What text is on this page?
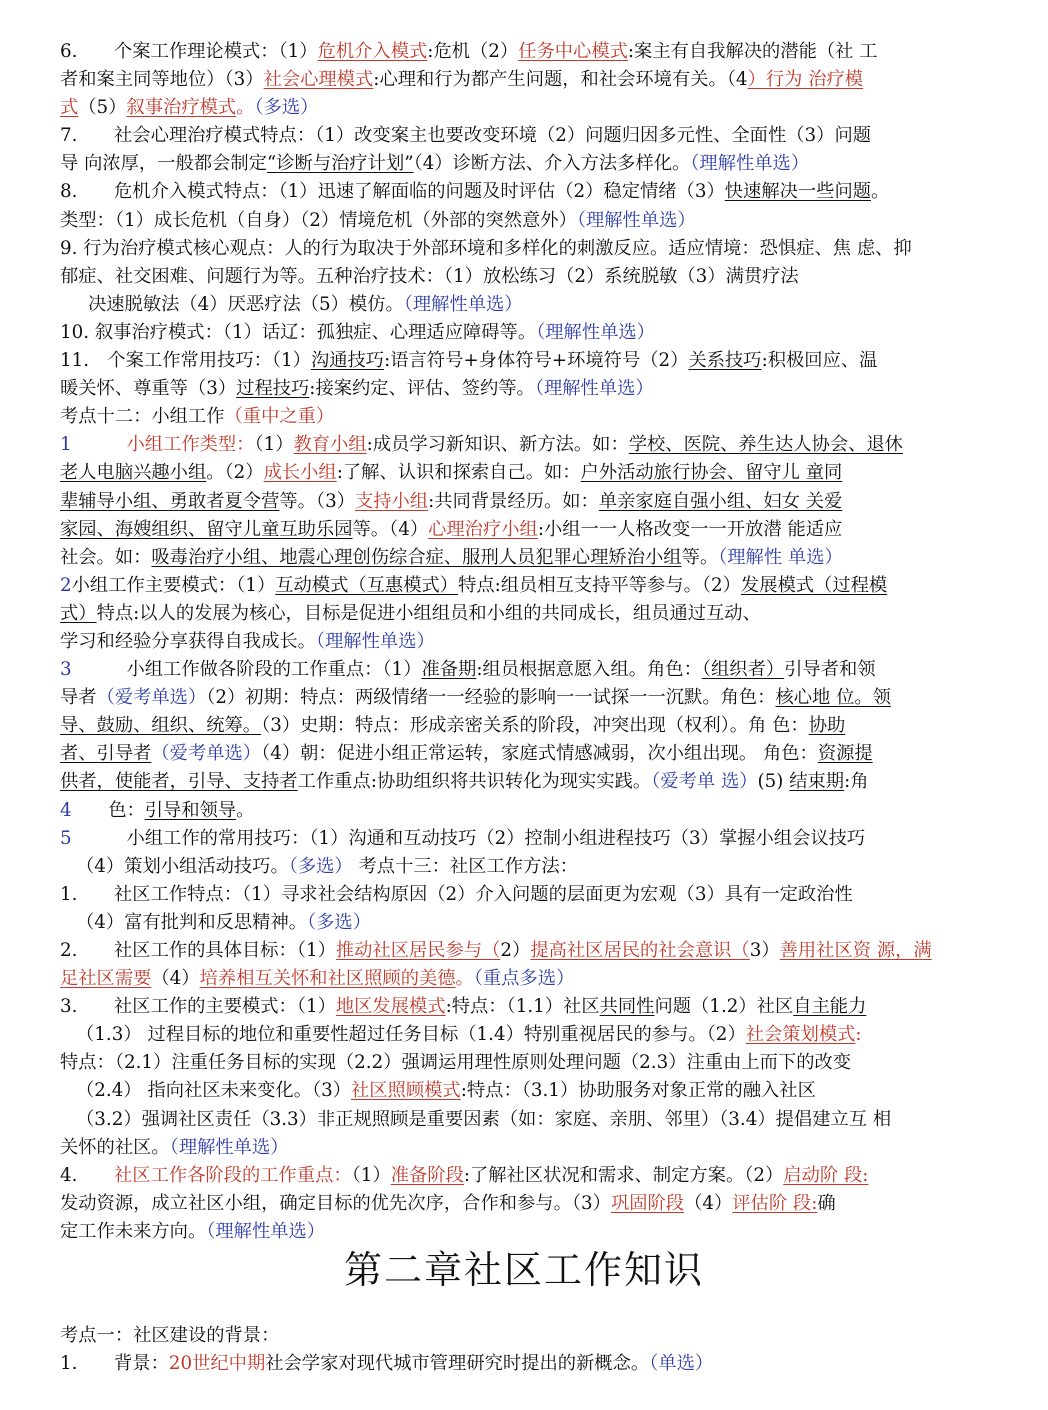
6.　　个案工作理论模式：（1）危机介入模式:危机（2）任务中心模式:案主有自我解决的潜能（社 工
者和案主同等地位）（3）社会心理模式:心理和行为都产生问题，和社会环境有关。（4）行为 治疗模
式（5）叙事治疗模式。（多选）
7.　　社会心理治疗模式特点：（1）改变案主也要改变环境（2）问题归因多元性、全面性（3）问题
导 向浓厚，一般都会制定“诊断与治疗计划”（4）诊断方法、介入方法多样化。（理解性单选）
8.　　危机介入模式特点：（1）迅速了解面临的问题及时评估（2）稳定情绪（3）快速解决一些问题。
类型：（1）成长危机（自身）（2）情境危机（外部的突然意外）（理解性单选）
9. 行为治疗模式核心观点：人的行为取决于外部环境和多样化的刺激反应。适应情境：恐惧症、焦 虑、抑
郁症、社交困难、问题行为等。五种治疗技术：（1）放松练习（2）系统脱敏（3）满贯疗法
决速脱敏法（4）厌恶疗法（5）模仿。（理解性单选）
10. 叙事治疗模式：（1）话辽：孤独症、心理适应障碍等。（理解性单选）
11.　个案工作常用技巧：（1）沟通技巧:语言符号+身体符号+环境符号（2）关系技巧:积极回应、温
暖关怀、尊重等（3）过程技巧:接案约定、评估、签约等。（理解性单选）
考点十二：小组工作（重中之重）
1　　　	小组工作类型：（1）教育小组:成员学习新知识、新方法。如：学校、医院、养生达人协会、退休
老人电脑兴趣小组。（2）成长小组:了解、认识和探索自己。如：户外活动旅行协会、留守儿 童同
辈辅导小组、勇敢者夏令营等。（3）支持小组:共同背景经历。如：单亲家庭自强小组、妇女 关爱
家园、海嫂组织、留守儿童互助乐园等。（4）心理治疗小组:小组一一人格改变一一开放潜 能适应
社会。如：吸毒治疗小组、地震心理创伤综合症、服刑人员犯罪心理矫治小组等。（理解性 单选）
2小组工作主要模式：（1）互动模式（互惠模式）特点:组员相互支持平等参与。（2）发展模式（过程模
式）特点:以人的发展为核心，目标是促进小组组员和小组的共同成长，组员通过互动、
学习和经验分享获得自我成长。（理解性单选）
3　　　小组工作做各阶段的工作重点：（1）准备期:组员根据意愿入组。角色：（组织者）引导者和领
导者（爱考单选）（2）初期：特点：两级情绪一一经验的影响一一试探一一沉默。角色：核心地 位。领
导、鼓励、组织、统筹。（3）史期：特点：形成亲密关系的阶段，冲突出现（权利）。角 色：协助
者、引导者（爱考单选）（4）朝：促进小组正常运转，家庭式情感减弱，次小组出现。 角色：资源提
供者，使能者，引导、支持者工作重点:协助组织将共识转化为现实实践。（爱考单 选）(5) 结束期:角
4　　色：引导和领导。
5　　　小组工作的常用技巧：（1）沟通和互动技巧（2）控制小组进程技巧（3）掌握小组会议技巧
（4）策划小组活动技巧。（多选） 考点十三：社区工作方法：
1.　　社区工作特点：（1）寻求社会结构原因（2）介入问题的层面更为宏观（3）具有一定政治性
（4）富有批判和反思精神。（多选）
2.　　社区工作的具体目标：（1）推动社区居民参与（2）提高社区居民的社会意识（3）善用社区资 源，满
足社区需要（4）培养相互关怀和社区照顾的美德。（重点多选）
3.　　社区工作的主要模式：（1）地区发展模式:特点：（1.1）社区共同性问题（1.2）社区自主能力
（1.3） 过程目标的地位和重要性超过任务目标（1.4）特别重视居民的参与。（2）社会策划模式:
特点：（2.1）注重任务目标的实现（2.2）强调运用理性原则处理问题（2.3）注重由上而下的改变
（2.4） 指向社区未来变化。（3）社区照顾模式:特点：（3.1）协助服务对象正常的融入社区
（3.2）强调社区责任（3.3）非正规照顾是重要因素（如：家庭、亲朋、邻里）（3.4）提倡建立互 相
关怀的社区。（理解性单选）
4.　　社区工作各阶段的工作重点：（1）准备阶段:了解社区状况和需求、制定方案。（2）启动阶 段:
发动资源，成立社区小组，确定目标的优先次序，合作和参与。（3）巩固阶段（4）评估阶 段:确
定工作未来方向。（理解性单选）
第二章社区工作知识
考点一：社区建设的背景：
1.　　背景：20世纪中期社会学家对现代城市管理研究时提出的新概念。（单选）
